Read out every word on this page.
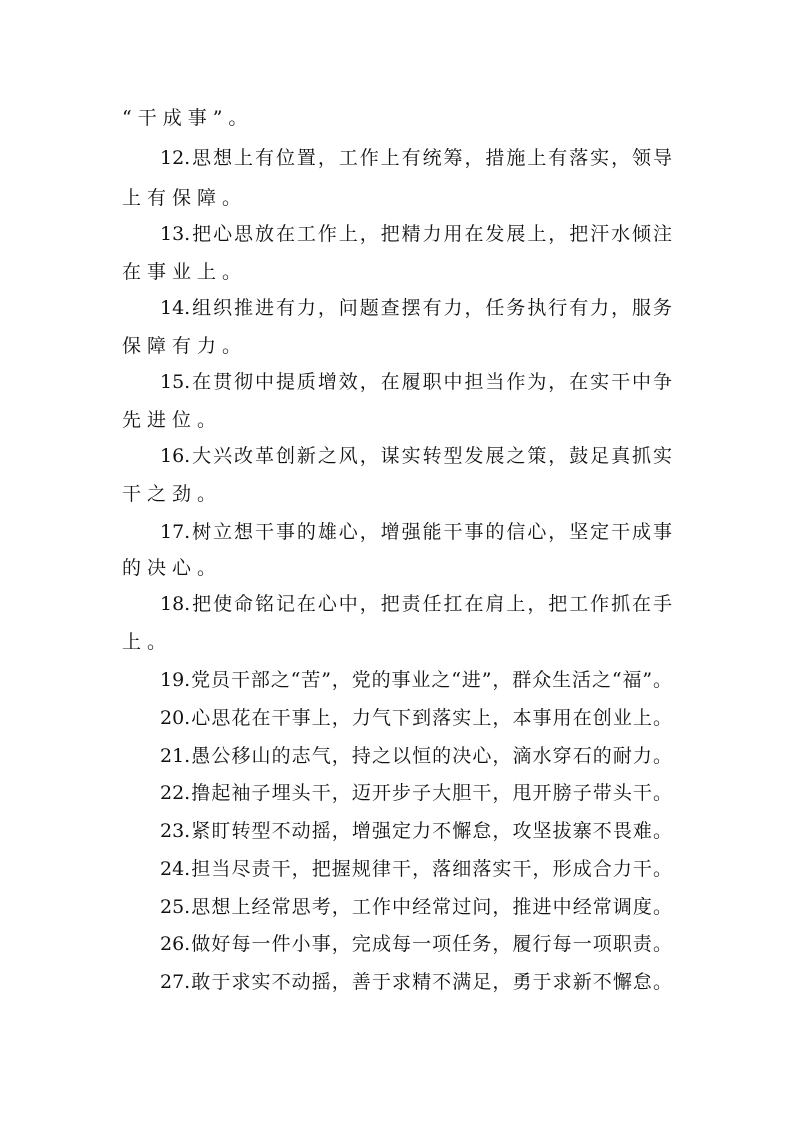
“干成事”。
12.思想上有位置，工作上有统筹，措施上有落实，领导
上有保障。
13.把心思放在工作上，把精力用在发展上，把汗水倾注
在事业上。
14.组织推进有力，问题查摆有力，任务执行有力，服务
保障有力。
15.在贯彻中提质增效，在履职中担当作为，在实干中争
先进位。
16.大兴改革创新之风，谋实转型发展之策，鼓足真抓实
干之劲。
17.树立想干事的雄心，增强能干事的信心，坚定干成事
的决心。
18.把使命铭记在心中，把责任扛在肩上，把工作抓在手
上。
19.党员干部之“苦”，党的事业之“进”，群众生活之“福”。
20.心思花在干事上，力气下到落实上，本事用在创业上。
21.愚公移山的志气，持之以恒的决心，滴水穿石的耐力。
22.撸起袖子埋头干，迈开步子大胆干，甩开膀子带头干。
23.紧盯转型不动摇，增强定力不懈怠，攻坚拔寨不畏难。
24.担当尽责干，把握规律干，落细落实干，形成合力干。
25.思想上经常思考，工作中经常过问，推进中经常调度。
26.做好每一件小事，完成每一项任务，履行每一项职责。
27.敢于求实不动摇，善于求精不满足，勇于求新不懈怠。
